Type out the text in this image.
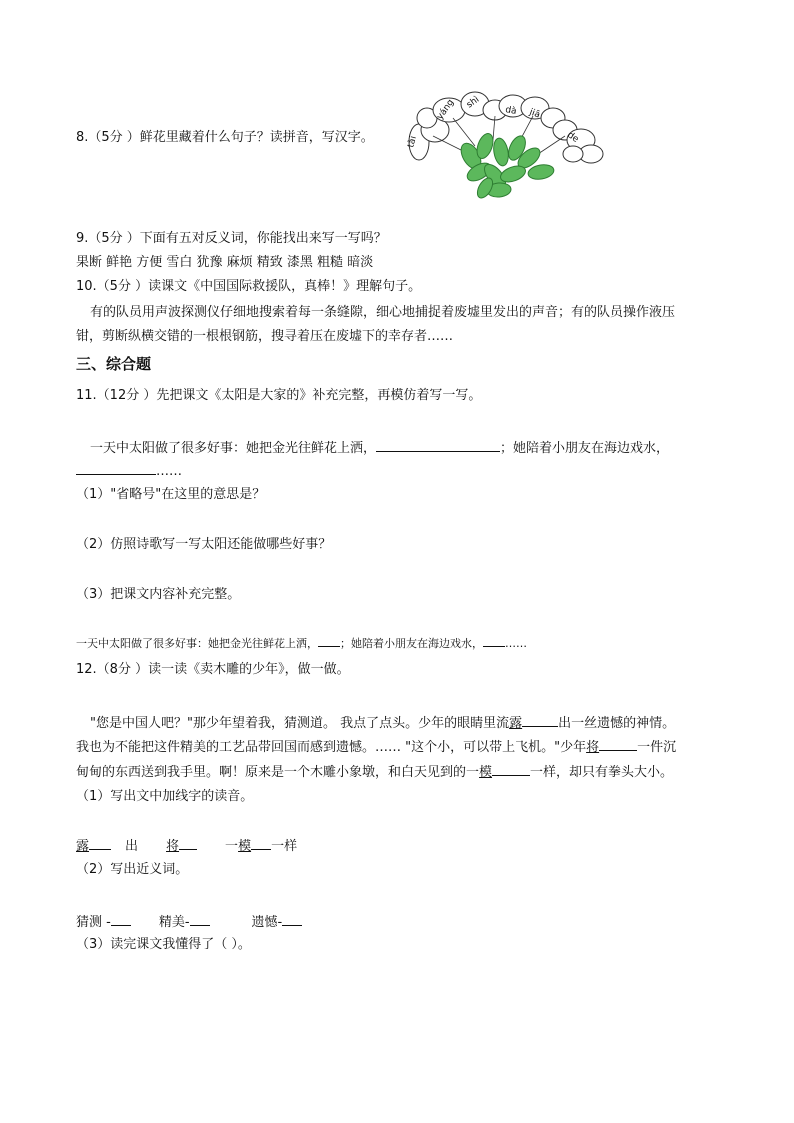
8.（5分 ）鲜花里藏着什么句子？读拼音，写汉字。	tài
yáng shì
dà jiā
de
9.（5分 ）下面有五对反义词，你能找出来写一写吗？
果断 鲜艳 方便 雪白 犹豫 麻烦 精致 漆黑 粗糙 暗淡
10.（5分 ）读课文《中国国际救援队，真棒！》理解句子。
有的队员用声波探测仪仔细地搜索着每一条缝隙，细心地捕捉着废墟里发出的声音；有的队员操作液压
钳，剪断纵横交错的一根根钢筋，搜寻着压在废墟下的幸存者……
三、综合题
11.（12分 ）先把课文《太阳是大家的》补充完整，再模仿着写一写。
一天中太阳做了很多好事：她把金光往鲜花上洒，	；她陪着小朋友在海边戏水，
……
（1）"省略号"在这里的意思是？
（2）仿照诗歌写一写太阳还能做哪些好事？
（3）把课文内容补充完整。
一天中太阳做了很多好事：她把金光往鲜花上洒， ；她陪着小朋友在海边戏水， ……
12.（8分 ）读一读《卖木雕的少年》，做一做。
"您是中国人吧？"那少年望着我，猜测道。 我点了点头。少年的眼睛里流露	出一丝遗憾的神情。
我也为不能把这件精美的工艺品带回国而感到遗憾。…… "这个小，可以带上飞机。"少年将	一件沉
甸甸的东西送到我手里。啊！原来是一个木雕小象墩，和白天见到的一模	一样，却只有拳头大小。
（1）写出文中加线字的读音。
露	出 将	一模 一样
（2）写出近义词。
猜测 -	精美-	遗憾-
（3）读完课文我懂得了（ ）。
